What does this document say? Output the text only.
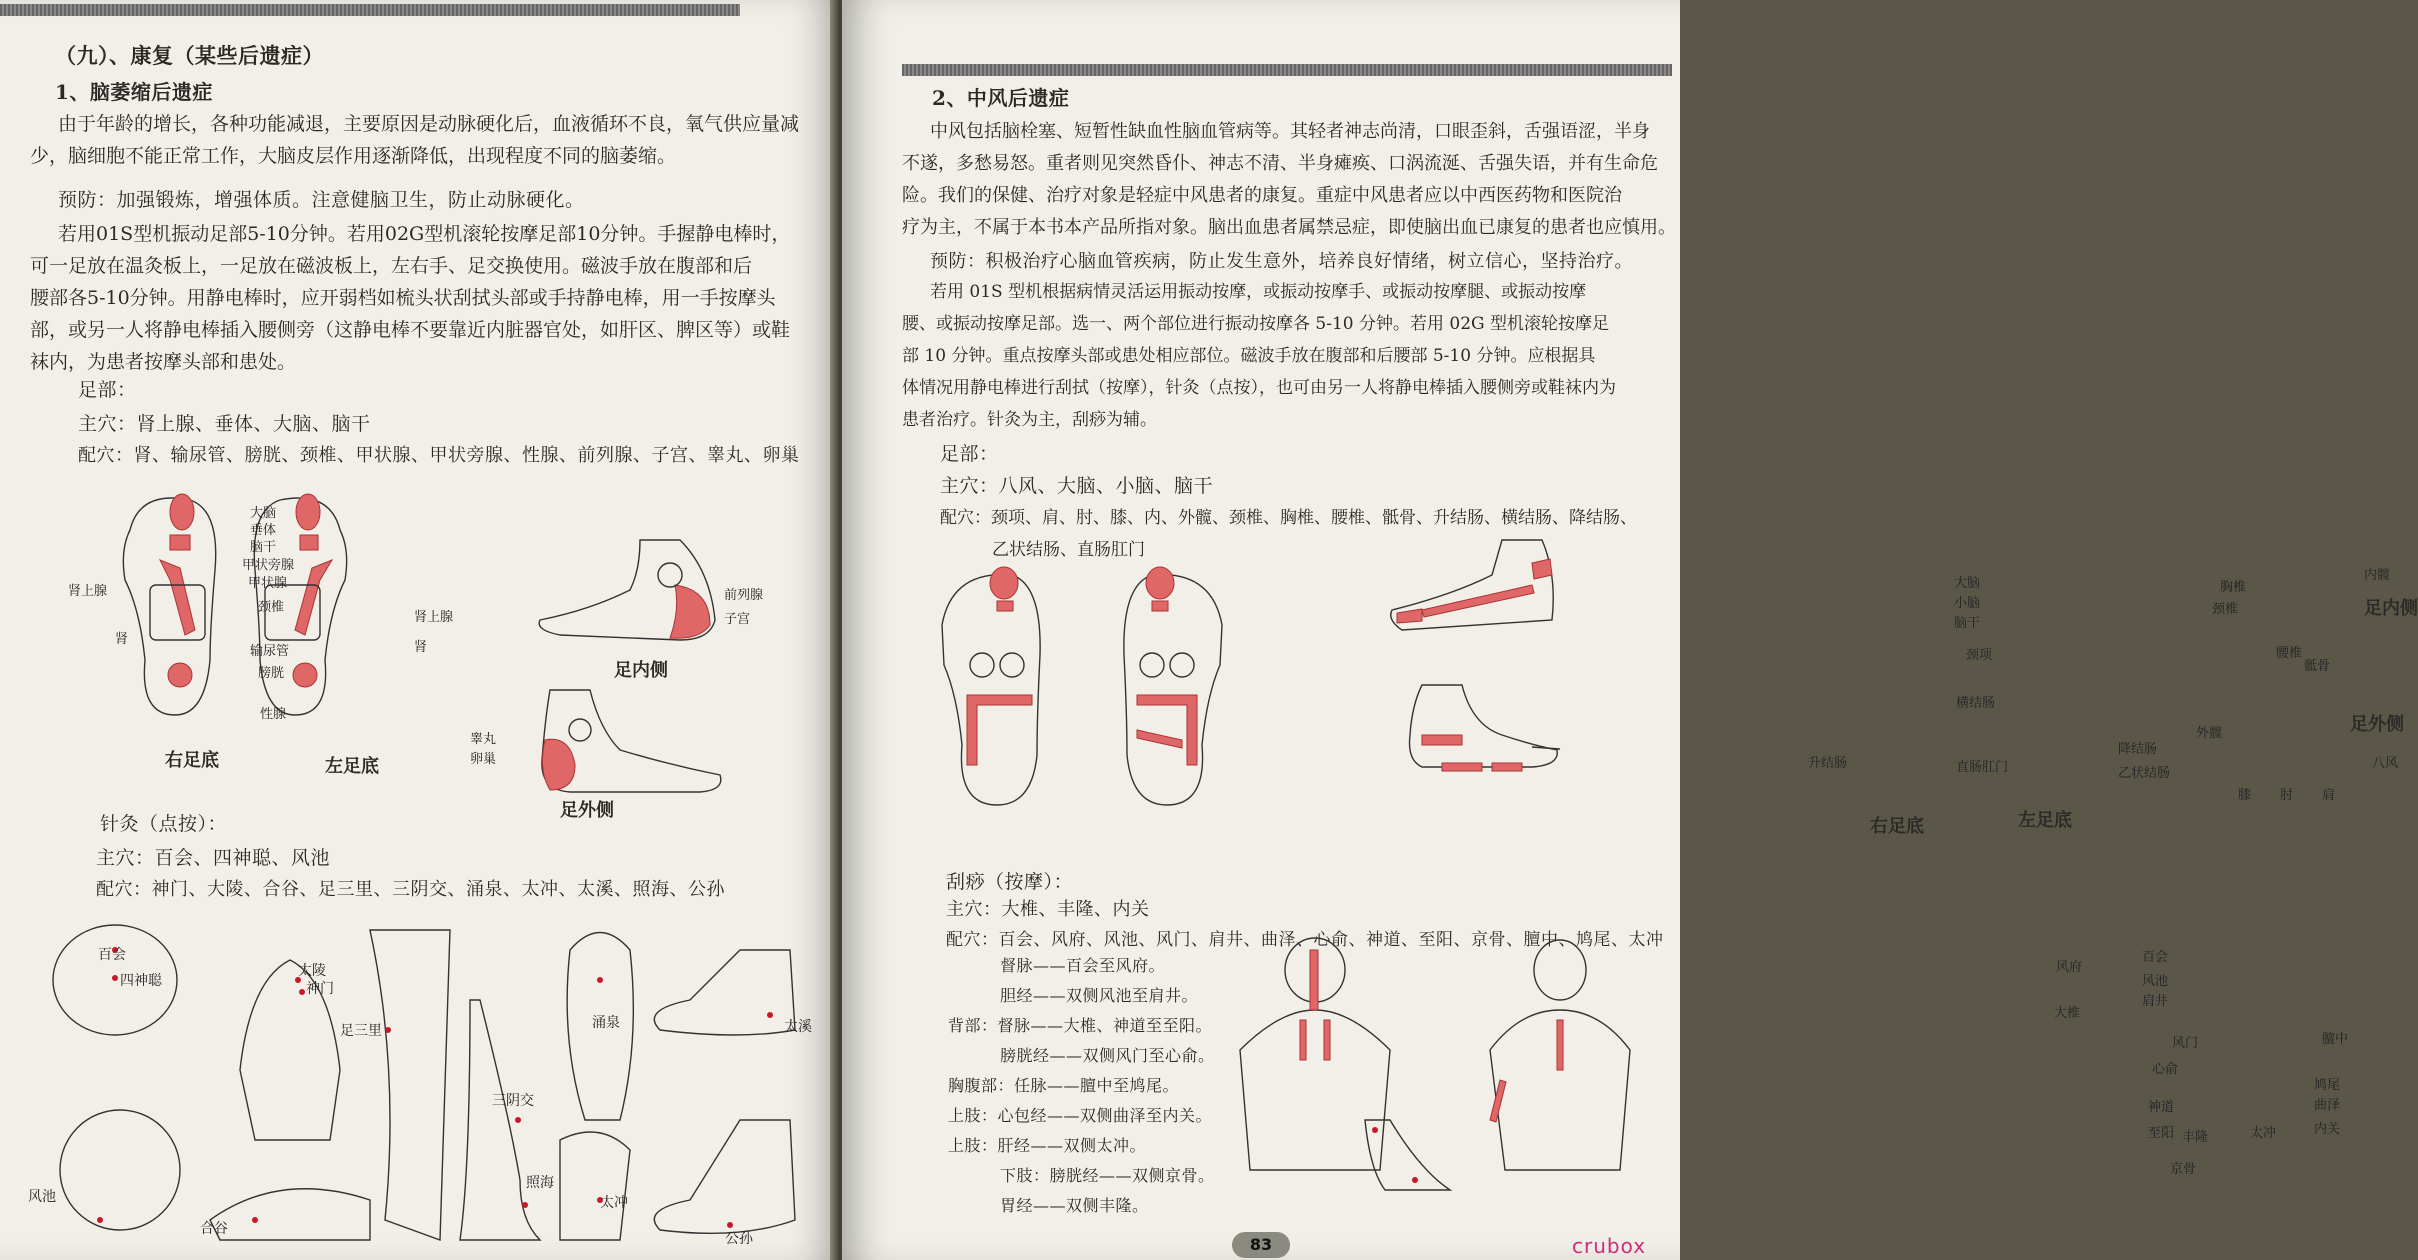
（九）、康复（某些后遗症）
1、脑萎缩后遗症
由于年龄的增长，各种功能减退，主要原因是动脉硬化后，血液循环不良，氧气供应量减
少，脑细胞不能正常工作，大脑皮层作用逐渐降低，出现程度不同的脑萎缩。
预防：加强锻炼，增强体质。注意健脑卫生，防止动脉硬化。
若用01S型机振动足部5-10分钟。若用02G型机滚轮按摩足部10分钟。手握静电棒时，
可一足放在温灸板上，一足放在磁波板上，左右手、足交换使用。磁波手放在腹部和后
腰部各5-10分钟。用静电棒时，应开弱档如梳头状刮拭头部或手持静电棒，用一手按摩头
部，或另一人将静电棒插入腰侧旁（这静电棒不要靠近内脏器官处，如肝区、脾区等）或鞋
袜内，为患者按摩头部和患处。
足部：
主穴：肾上腺、垂体、大脑、脑干
配穴：肾、输尿管、膀胱、颈椎、甲状腺、甲状旁腺、性腺、前列腺、子宫、睾丸、卵巢
大脑
垂体
脑干
甲状旁腺
甲状腺
颈椎
肾上腺
肾
肾上腺
肾
输尿管
膀胱
性腺
右足底	左足底
前列腺
子宫
足内侧
睾丸
卵巢
足外侧
针灸（点按）：
主穴：百会、四神聪、风池
配穴：神门、大陵、合谷、足三里、三阴交、涌泉、太冲、太溪、照海、公孙
百会
四神聪
太陵
神门
足三里	涌泉	太溪
风池
合谷
三阴交
照海
太冲
公孙
2、中风后遗症
中风包括脑栓塞、短暂性缺血性脑血管病等。其轻者神志尚清，口眼歪斜，舌强语涩，半身
不遂，多愁易怒。重者则见突然昏仆、神志不清、半身瘫痪、口涡流涎、舌强失语，并有生命危
险。我们的保健、治疗对象是轻症中风患者的康复。重症中风患者应以中西医药物和医院治
疗为主，不属于本书本产品所指对象。脑出血患者属禁忌症，即使脑出血已康复的患者也应慎用。
预防：积极治疗心脑血管疾病，防止发生意外，培养良好情绪，树立信心，坚持治疗。
若用 01S 型机根据病情灵活运用振动按摩，或振动按摩手、或振动按摩腿、或振动按摩
腰、或振动按摩足部。选一、两个部位进行振动按摩各 5-10 分钟。若用 02G 型机滚轮按摩足
部 10 分钟。重点按摩头部或患处相应部位。磁波手放在腹部和后腰部 5-10 分钟。应根据具
体情况用静电棒进行刮拭（按摩），针灸（点按），也可由另一人将静电棒插入腰侧旁或鞋袜内为
患者治疗。针灸为主，刮痧为辅。
足部：
主穴：八风、大脑、小脑、脑干
配穴：颈项、肩、肘、膝、内、外髋、颈椎、胸椎、腰椎、骶骨、升结肠、横结肠、降结肠、
乙状结肠、直肠肛门
大脑
小脑
脑干
颈项
横结肠
升结肠	直肠肛门
降结肠
乙状结肠
右足底	左足底
胸椎
内髋
颈椎	足内侧
腰椎
骶骨
外髋	足外侧
八风
膝 肘 肩
刮痧（按摩）：
主穴：大椎、丰隆、内关
配穴：百会、风府、风池、风门、肩井、曲泽、心俞、神道、至阳、京骨、膻中、鸠尾、太冲
督脉——百会至风府。
胆经——双侧风池至肩井。
背部：督脉——大椎、神道至至阳。
膀胱经——双侧风门至心俞。
胸腹部：任脉——膻中至鸠尾。
上肢：心包经——双侧曲泽至内关。
上肢：肝经——双侧太冲。
下肢：膀胱经——双侧京骨。
胃经——双侧丰隆。
风府
百会
风池
肩井
大椎
风门
心俞
神道
至阳 丰隆	太冲
京骨
膻中
鸠尾
曲泽
内关
83	crubox
